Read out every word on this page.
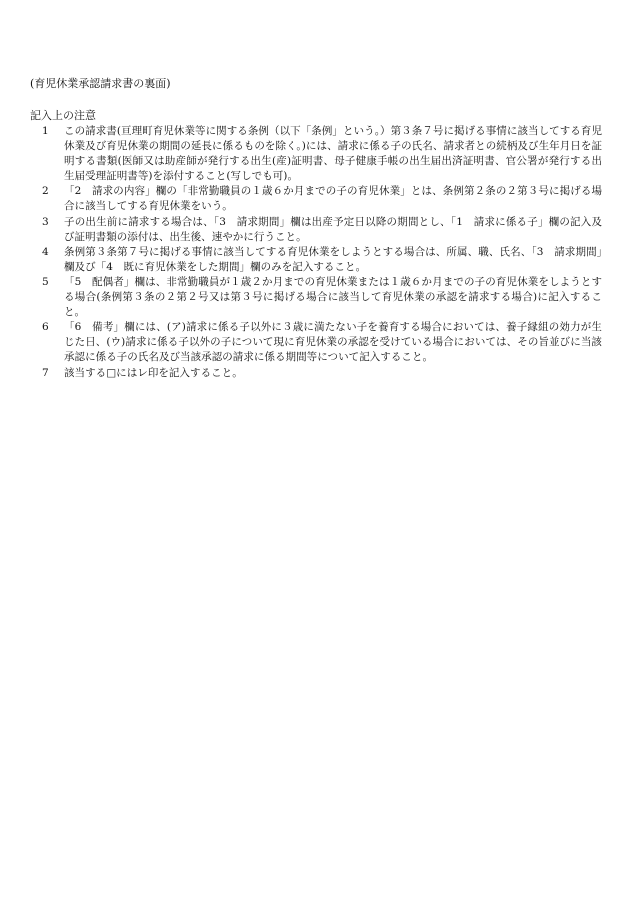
(育児休業承認請求書の裏面)
記入上の注意
1	この請求書(亘理町育児休業等に関する条例（以下「条例」という。）第３条７号に掲げる事情に該当してする育児休業及び育児休業の期間の延長に係るものを除く。)には、請求に係る子の氏名、請求者との続柄及び生年月日を証明する書類(医師又は助産師が発行する出生(産)証明書、母子健康手帳の出生届出済証明書、官公署が発行する出生届受理証明書等)を添付すること(写しでも可)。
2	「2　請求の内容」欄の「非常勤職員の１歳６か月までの子の育児休業」とは、条例第２条の２第３号に掲げる場合に該当してする育児休業をいう。
3	子の出生前に請求する場合は、「3　請求期間」欄は出産予定日以降の期間とし、「1　請求に係る子」欄の記入及び証明書類の添付は、出生後、速やかに行うこと。
4	条例第３条第７号に掲げる事情に該当してする育児休業をしようとする場合は、所属、職、氏名、「3　請求期間」欄及び「4　既に育児休業をした期間」欄のみを記入すること。
5	「5　配偶者」欄は、非常勤職員が１歳２か月までの育児休業または１歳６か月までの子の育児休業をしようとする場合(条例第３条の２第２号又は第３号に掲げる場合に該当して育児休業の承認を請求する場合)に記入すること。
6	「6　備考」欄には、(ア)請求に係る子以外に３歳に満たない子を養育する場合においては、養子縁組の効力が生じた日、(ウ)請求に係る子以外の子について現に育児休業の承認を受けている場合においては、その旨並びに当該承認に係る子の氏名及び当該承認の請求に係る期間等について記入すること。
7	該当する□にはレ印を記入すること。
